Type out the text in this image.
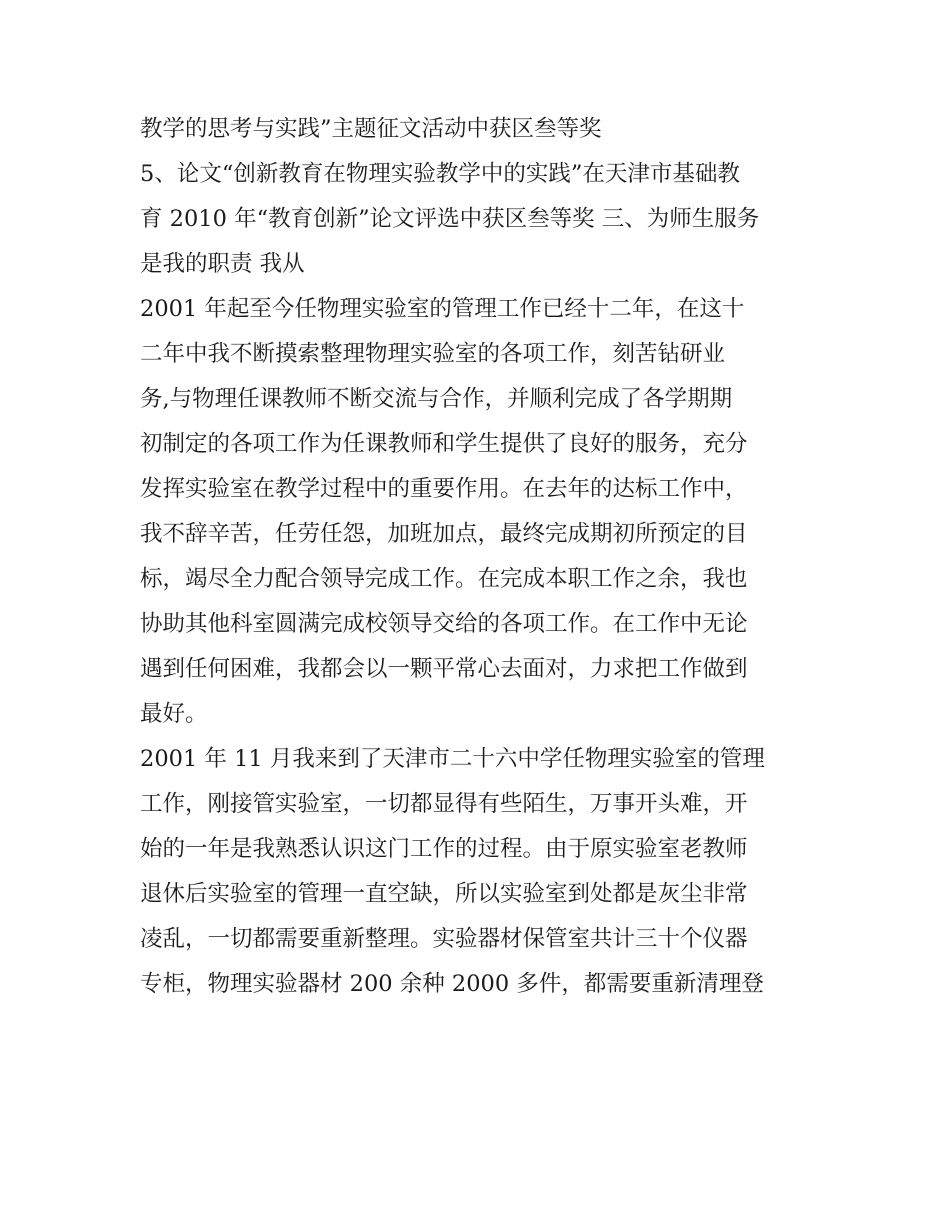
教学的思考与实践”主题征文活动中获区叁等奖
5、论文“创新教育在物理实验教学中的实践”在天津市基础教
育 2010 年“教育创新”论文评选中获区叁等奖 三、为师生服务
是我的职责 我从
2001 年起至今任物理实验室的管理工作已经十二年，在这十
二年中我不断摸索整理物理实验室的各项工作，刻苦钻研业
务,与物理任课教师不断交流与合作，并顺利完成了各学期期
初制定的各项工作为任课教师和学生提供了良好的服务，充分
发挥实验室在教学过程中的重要作用。在去年的达标工作中，
我不辞辛苦，任劳任怨，加班加点，最终完成期初所预定的目
标，竭尽全力配合领导完成工作。在完成本职工作之余，我也
协助其他科室圆满完成校领导交给的各项工作。在工作中无论
遇到任何困难，我都会以一颗平常心去面对，力求把工作做到
最好。
2001 年 11 月我来到了天津市二十六中学任物理实验室的管理
工作，刚接管实验室，一切都显得有些陌生，万事开头难，开
始的一年是我熟悉认识这门工作的过程。由于原实验室老教师
退休后实验室的管理一直空缺，所以实验室到处都是灰尘非常
凌乱，一切都需要重新整理。实验器材保管室共计三十个仪器
专柜，物理实验器材 200 余种 2000 多件，都需要重新清理登
